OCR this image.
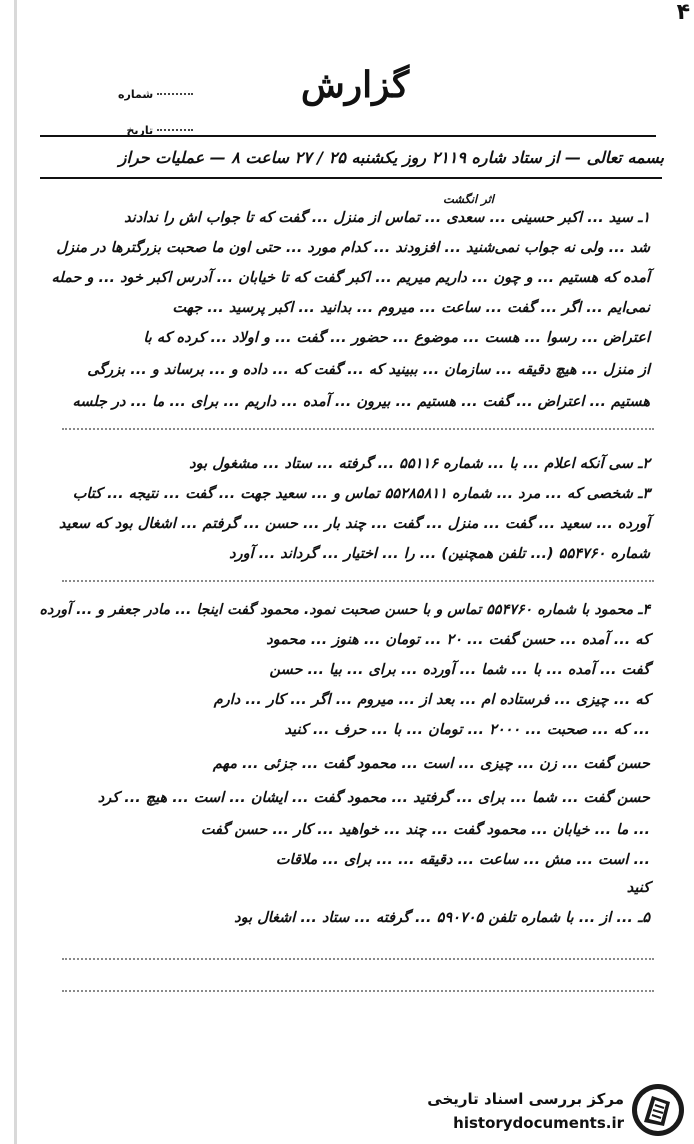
۴
شماره
تاریخ
گزارش
بسمه تعالی — از ستاد شاره ۲۱۱۹ روز یکشنبه ۲۵ / ۲۷ ساعت ۸ — عملیات حراز
اثر انگشت
۱ـ سید ... اکبر حسینی ... سعدی ... تماس از منزل ... گفت که تا جواب اش را ندادند
شد ... ولی نه جواب نمی‌شنید ... افزودند ... کدام مورد ... حتی اون ما صحبت بزرگترها در منزل
آمده که هستیم ... و چون ... داریم میریم ... اکبر گفت که تا خیابان ... آدرس اکبر خود ... و حمله
نمی‌ایم ... اگر ... گفت ... ساعت ... میروم ... بدانید ... اکبر پرسید ... جهت
اعتراض ... رسوا ... هست ... موضوع ... حضور ... گفت ... و اولاد ... کرده که با
از منزل ... هیچ دقیقه ... سازمان ... ببینید که ... گفت که ... داده و ... برساند و ... بزرگی
هستیم ... اعتراض ... گفت ... هستیم ... بیرون ... آمده ... داریم ... برای ... ما ... در جلسه
۲ـ سی آنکه اعلام ... با ... شماره ۵۵۱۱۶ ... گرفته ... ستاد ... مشغول بود
۳ـ شخصی که ... مرد ... شماره ۵۵۲۸۵۸۱۱ تماس و ... سعید جهت ... گفت ... نتیجه ... کتاب
آورده ... سعید ... گفت ... منزل ... گفت ... چند بار ... حسن ... گرفتم ... اشغال بود که سعید
شماره ۵۵۴۷۶۰ (... تلفن همچنین) ... را ... اختیار ... گرداند ... آورد
۴ـ محمود با شماره ۵۵۴۷۶۰ تماس و با حسن صحبت نمود. محمود گفت اینجا ... مادر جعفر و ... آورده
که ... آمده ... حسن گفت ... ۲۰ ... تومان ... هنوز ... محمود
گفت ... آمده ... با ... شما ... آورده ... برای ... بیا ... حسن
که ... چیزی ... فرستاده ام ... بعد از ... میروم ... اگر ... کار ... دارم
... که ... صحبت ... ۲۰۰۰ ... تومان ... با ... حرف ... کنید
حسن گفت ... زن ... چیزی ... است ... محمود گفت ... جزئی ... مهم
حسن گفت ... شما ... برای ... گرفتید ... محمود گفت ... ایشان ... است ... هیچ ... کرد
... ما ... خیابان ... محمود گفت ... چند ... خواهید ... کار ... حسن گفت
... است ... مش ... ساعت ... دقیقه ... ... برای ... ملاقات
کنید
۵ـ ... از ... با شماره تلفن ۵۹۰۷۰۵ ... گرفته ... ستاد ... اشغال بود
مرکز بررسی اسناد تاریخی
historydocuments.ir
